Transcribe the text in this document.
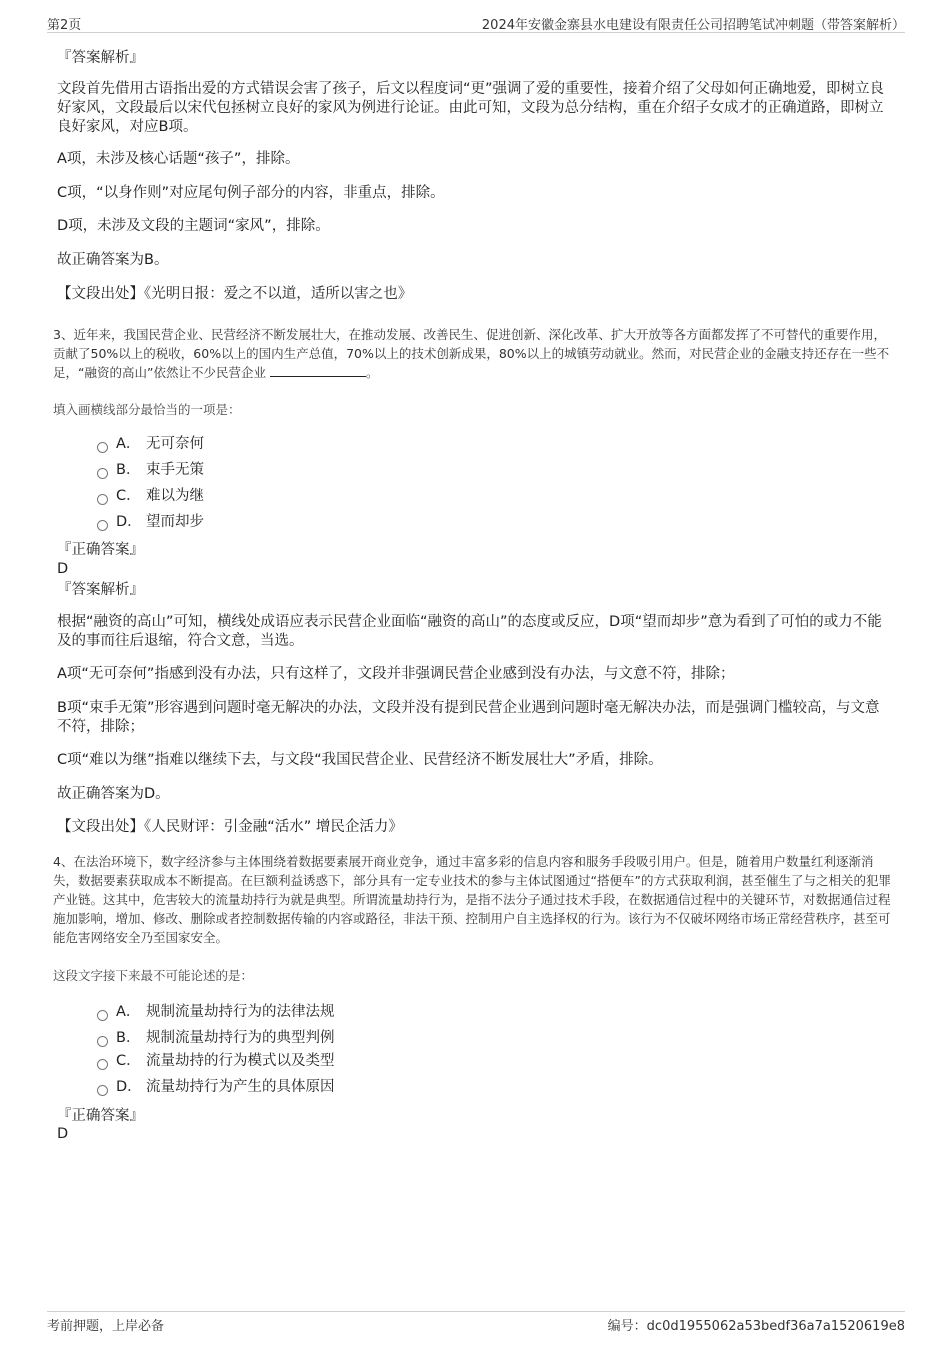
第2页	2024年安徽金寨县水电建设有限责任公司招聘笔试冲刺题（带答案解析）
『答案解析』
文段首先借用古语指出爱的方式错误会害了孩子，后文以程度词“更”强调了爱的重要性，接着介绍了父母如何正确地爱，即树立良好家风，文段最后以宋代包拯树立良好的家风为例进行论证。由此可知，文段为总分结构，重在介绍子女成才的正确道路，即树立良好家风，对应B项。
A项，未涉及核心话题“孩子”，排除。
C项，“以身作则”对应尾句例子部分的内容，非重点，排除。
D项，未涉及文段的主题词“家风”，排除。
故正确答案为B。
【文段出处】《光明日报：爱之不以道，适所以害之也》
3、近年来，我国民营企业、民营经济不断发展壮大，在推动发展、改善民生、促进创新、深化改革、扩大开放等各方面都发挥了不可替代的重要作用，贡献了50%以上的税收，60%以上的国内生产总值，70%以上的技术创新成果，80%以上的城镇劳动就业。然而，对民营企业的金融支持还存在一些不足，“融资的高山”依然让不少民营企业	。
填入画横线部分最恰当的一项是：
A． 无可奈何
B． 束手无策
C． 难以为继
D． 望而却步
『正确答案』
D
『答案解析』
根据“融资的高山”可知，横线处成语应表示民营企业面临“融资的高山”的态度或反应，D项“望而却步”意为看到了可怕的或力不能及的事而往后退缩，符合文意，当选。
A项“无可奈何”指感到没有办法，只有这样了，文段并非强调民营企业感到没有办法，与文意不符，排除；
B项“束手无策”形容遇到问题时毫无解决的办法，文段并没有提到民营企业遇到问题时毫无解决办法，而是强调门槛较高，与文意不符，排除；
C项“难以为继”指难以继续下去，与文段“我国民营企业、民营经济不断发展壮大”矛盾，排除。
故正确答案为D。
【文段出处】《人民财评：引金融“活水” 增民企活力》
4、在法治环境下，数字经济参与主体围绕着数据要素展开商业竞争，通过丰富多彩的信息内容和服务手段吸引用户。但是，随着用户数量红利逐渐消失，数据要素获取成本不断提高。在巨额利益诱惑下，部分具有一定专业技术的参与主体试图通过“搭便车”的方式获取利润，甚至催生了与之相关的犯罪产业链。这其中，危害较大的流量劫持行为就是典型。所谓流量劫持行为，是指不法分子通过技术手段，在数据通信过程中的关键环节，对数据通信过程施加影响，增加、修改、删除或者控制数据传输的内容或路径，非法干预、控制用户自主选择权的行为。该行为不仅破坏网络市场正常经营秩序，甚至可能危害网络安全乃至国家安全。
这段文字接下来最不可能论述的是：
A． 规制流量劫持行为的法律法规
B． 规制流量劫持行为的典型判例
C． 流量劫持的行为模式以及类型
D． 流量劫持行为产生的具体原因
『正确答案』
D
考前押题，上岸必备	编号：dc0d1955062a53bedf36a7a1520619e8
